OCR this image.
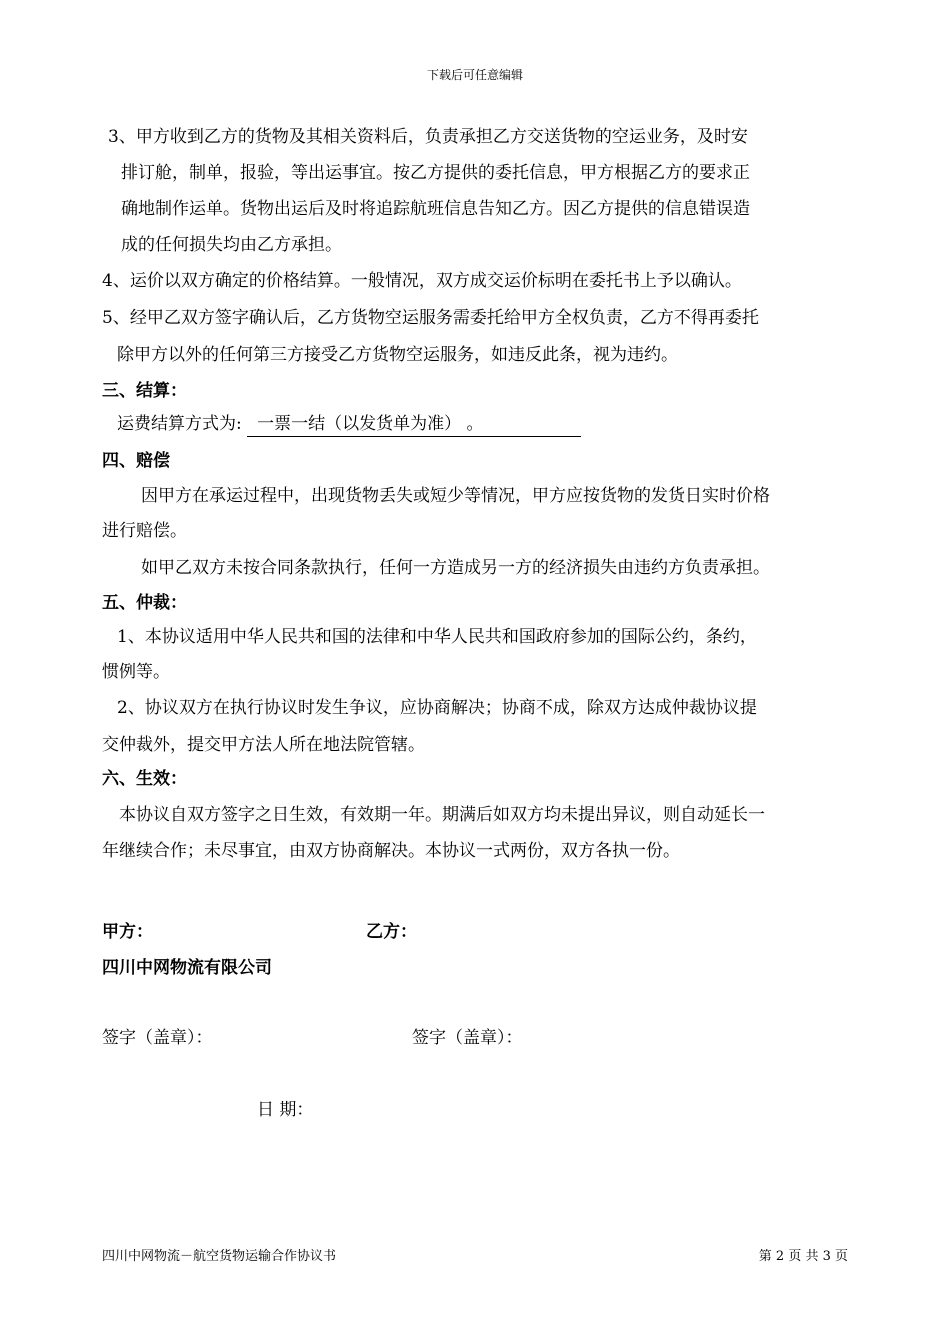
下载后可任意编辑
3、甲方收到乙方的货物及其相关资料后，负责承担乙方交送货物的空运业务，及时安
排订舱，制单，报验，等出运事宜。按乙方提供的委托信息，甲方根据乙方的要求正
确地制作运单。货物出运后及时将追踪航班信息告知乙方。因乙方提供的信息错误造
成的任何损失均由乙方承担。
4、运价以双方确定的价格结算。一般情况，双方成交运价标明在委托书上予以确认。
5、经甲乙双方签字确认后，乙方货物空运服务需委托给甲方全权负责，乙方不得再委托
除甲方以外的任何第三方接受乙方货物空运服务，如违反此条，视为违约。
三、结算：
运费结算方式为: 一票一结（以发货单为准） 。
四、赔偿
因甲方在承运过程中，出现货物丢失或短少等情况，甲方应按货物的发货日实时价格
进行赔偿。
如甲乙双方未按合同条款执行，任何一方造成另一方的经济损失由违约方负责承担。
五、仲裁：
1、本协议适用中华人民共和国的法律和中华人民共和国政府参加的国际公约，条约，
惯例等。
2、协议双方在执行协议时发生争议，应协商解决；协商不成，除双方达成仲裁协议提
交仲裁外，提交甲方法人所在地法院管辖。
六、生效：
本协议自双方签字之日生效，有效期一年。期满后如双方均未提出异议，则自动延长一
年继续合作；未尽事宜，由双方协商解决。本协议一式两份，双方各执一份。
甲方：	乙方：
四川中网物流有限公司
签字（盖章）：	签字（盖章）：
日 期：
四川中网物流－航空货物运输合作协议书	第 2 页 共 3 页
